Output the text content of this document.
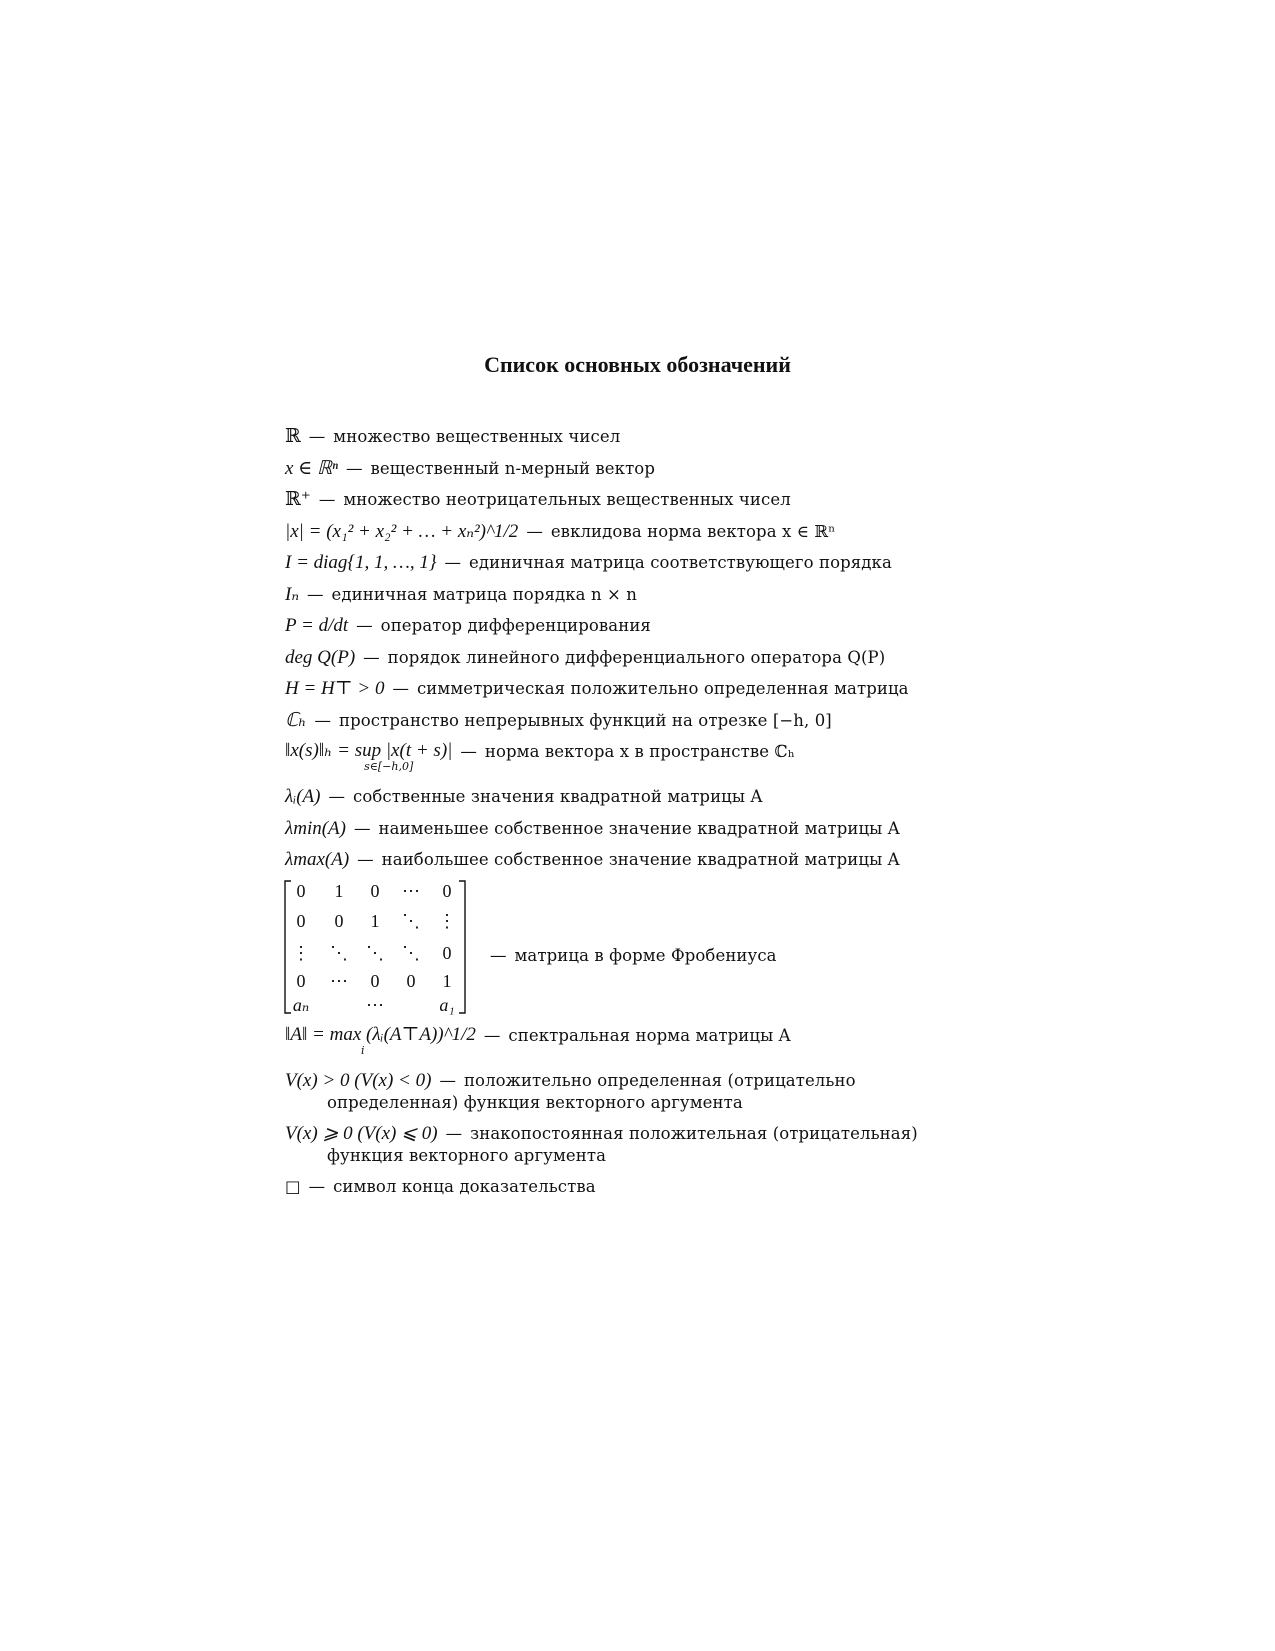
Список основных обозначений
ℝ — множество вещественных чисел
x ∈ ℝⁿ — вещественный n-мерный вектор
ℝ⁺ — множество неотрицательных вещественных чисел
|x| = (x₁² + x₂² + … + xₙ²)^1/2 — евклидова норма вектора x ∈ ℝⁿ
I = diag{1, 1, …, 1} — единичная матрица соответствующего порядка
Iₙ — единичная матрица порядка n × n
P = d/dt — оператор дифференцирования
deg Q(P) — порядок линейного дифференциального оператора Q(P)
H = H⊤ > 0 — симметрическая положительно определенная матрица
ℂₕ — пространство непрерывных функций на отрезке [−h, 0]
‖x(s)‖ₕ = sup |x(t + s)|
s∈[−h,0]
— норма вектора x в пространстве ℂₕ
λᵢ(A) — собственные значения квадратной матрицы A
λmin(A) — наименьшее собственное значение квадратной матрицы A
λmax(A) — наибольшее собственное значение квадратной матрицы A
0 1 0 ⋯ 0
0 0 1 ⋱ ⋮
⋮ ⋱ ⋱ ⋱ 0
0 ⋯ 0 0 1
aₙ	⋯	a₁
— матрица в форме Фробениуса
‖A‖ = max (λᵢ(A⊤A))^1/2
i
— спектральная норма матрицы A
V(x) > 0 (V(x) < 0) — положительно определенная (отрицательно определенная) функция векторного аргумента
V(x) ⩾ 0 (V(x) ⩽ 0) — знакопостоянная положительная (отрицательная) функция векторного аргумента
□ — символ конца доказательства
